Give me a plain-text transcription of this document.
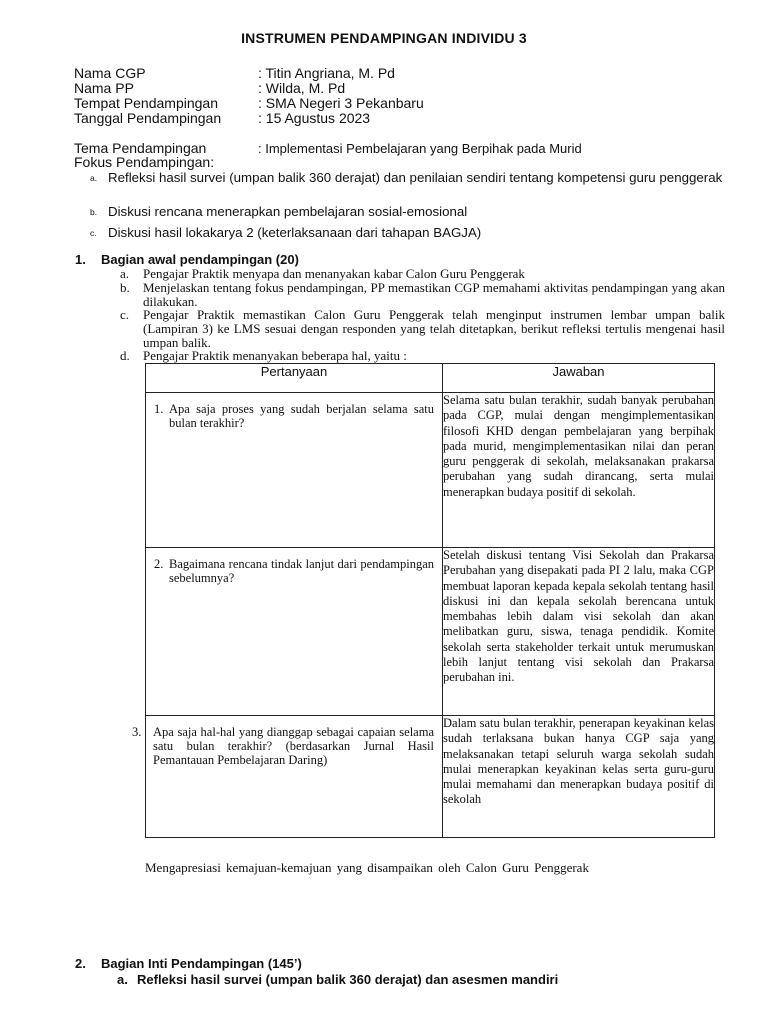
INSTRUMEN PENDAMPINGAN INDIVIDU 3
Nama CGP	: Titin Angriana, M. Pd
Nama PP	: Wilda, M. Pd
Tempat Pendampingan	: SMA Negeri 3 Pekanbaru
Tanggal Pendampingan	: 15 Agustus 2023
Tema Pendampingan	: Implementasi Pembelajaran yang Berpihak pada Murid
Fokus Pendampingan:
a. Refleksi hasil survei (umpan balik 360 derajat) dan penilaian sendiri tentang kompetensi guru penggerak
b. Diskusi rencana menerapkan pembelajaran sosial-emosional
c. Diskusi hasil lokakarya 2 (keterlaksanaan dari tahapan BAGJA)
1. Bagian awal pendampingan (20)
a. Pengajar Praktik menyapa dan menanyakan kabar Calon Guru Penggerak
b. Menjelaskan tentang fokus pendampingan, PP memastikan CGP memahami aktivitas pendampingan yang akan dilakukan.
c. Pengajar Praktik memastikan Calon Guru Penggerak telah menginput instrumen lembar umpan balik (Lampiran 3) ke LMS sesuai dengan responden yang telah ditetapkan, berikut refleksi tertulis mengenai hasil umpan balik.
d. Pengajar Praktik menanyakan beberapa hal, yaitu :
Pertanyaan	Jawaban

1. Apa saja proses yang sudah berjalan selama satu bulan terakhir?	Selama satu bulan terakhir, sudah banyak perubahan pada CGP, mulai dengan mengimplementasikan filosofi KHD dengan pembelajaran yang berpihak pada murid, mengimplementasikan nilai dan peran guru penggerak di sekolah, melaksanakan prakarsa perubahan yang sudah dirancang, serta mulai menerapkan budaya positif di sekolah.

2. Bagaimana rencana tindak lanjut dari pendampingan sebelumnya?	Setelah diskusi tentang Visi Sekolah dan Prakarsa Perubahan yang disepakati pada PI 2 lalu, maka CGP membuat laporan kepada kepala sekolah tentang hasil diskusi ini dan kepala sekolah berencana untuk membahas lebih dalam visi sekolah dan akan melibatkan guru, siswa, tenaga pendidik. Komite sekolah serta stakeholder terkait untuk merumuskan lebih lanjut tentang visi sekolah dan Prakarsa perubahan ini.

3. Apa saja hal-hal yang dianggap sebagai capaian selama satu bulan terakhir? (berdasarkan Jurnal Hasil Pemantauan Pembelajaran Daring)	Dalam satu bulan terakhir, penerapan keyakinan kelas sudah terlaksana bukan hanya CGP saja yang melaksanakan tetapi seluruh warga sekolah sudah mulai menerapkan keyakinan kelas serta guru-guru mulai memahami dan menerapkan budaya positif di sekolah
Mengapresiasi kemajuan-kemajuan yang disampaikan oleh Calon Guru Penggerak
2. Bagian Inti Pendampingan (145’)
a. Refleksi hasil survei (umpan balik 360 derajat) dan asesmen mandiri
